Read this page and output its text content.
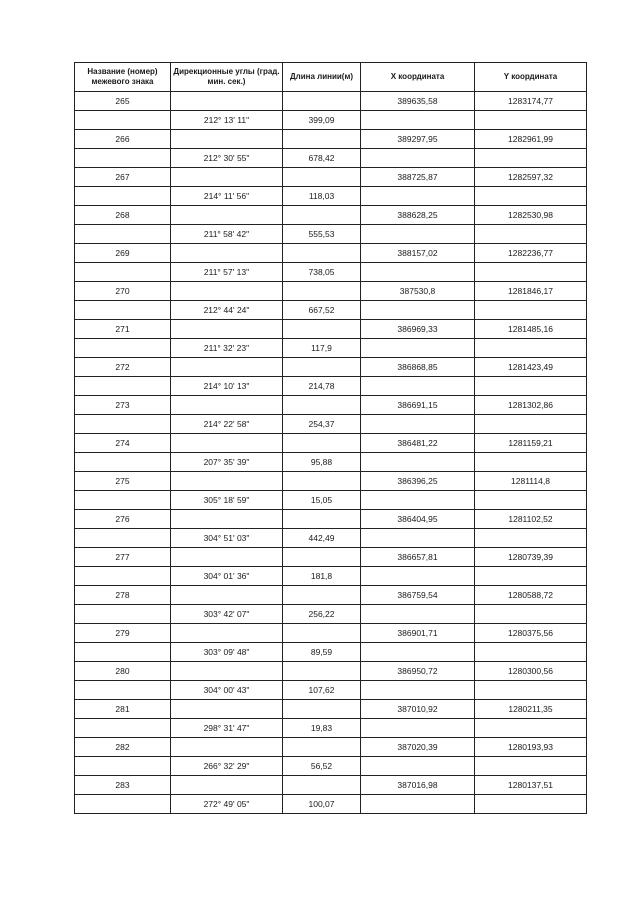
Название (номер) межевого знака	Дирекционные углы (град. мин. сек.)	Длина линии(м)	X координата	Y координата
265			389635,58	1283174,77
	212° 13' 11"	399,09		
266			389297,95	1282961,99
	212° 30' 55"	678,42		
267			388725,87	1282597,32
	214° 11' 56"	118,03		
268			388628,25	1282530,98
	211° 58' 42"	555,53		
269			388157,02	1282236,77
	211° 57' 13"	738,05		
270			387530,8	1281846,17
	212° 44' 24"	667,52		
271			386969,33	1281485,16
	211° 32' 23"	117,9		
272			386868,85	1281423,49
	214° 10' 13"	214,78		
273			386691,15	1281302,86
	214° 22' 58"	254,37		
274			386481,22	1281159,21
	207° 35' 39"	95,88		
275			386396,25	1281114,8
	305° 18' 59"	15,05		
276			386404,95	1281102,52
	304° 51' 03"	442,49		
277			386657,81	1280739,39
	304° 01' 36"	181,8		
278			386759,54	1280588,72
	303° 42' 07"	256,22		
279			386901,71	1280375,56
	303° 09' 48"	89,59		
280			386950,72	1280300,56
	304° 00' 43"	107,62		
281			387010,92	1280211,35
	298° 31' 47"	19,83		
282			387020,39	1280193,93
	266° 32' 29"	56,52		
283			387016,98	1280137,51
	272° 49' 05"	100,07		
